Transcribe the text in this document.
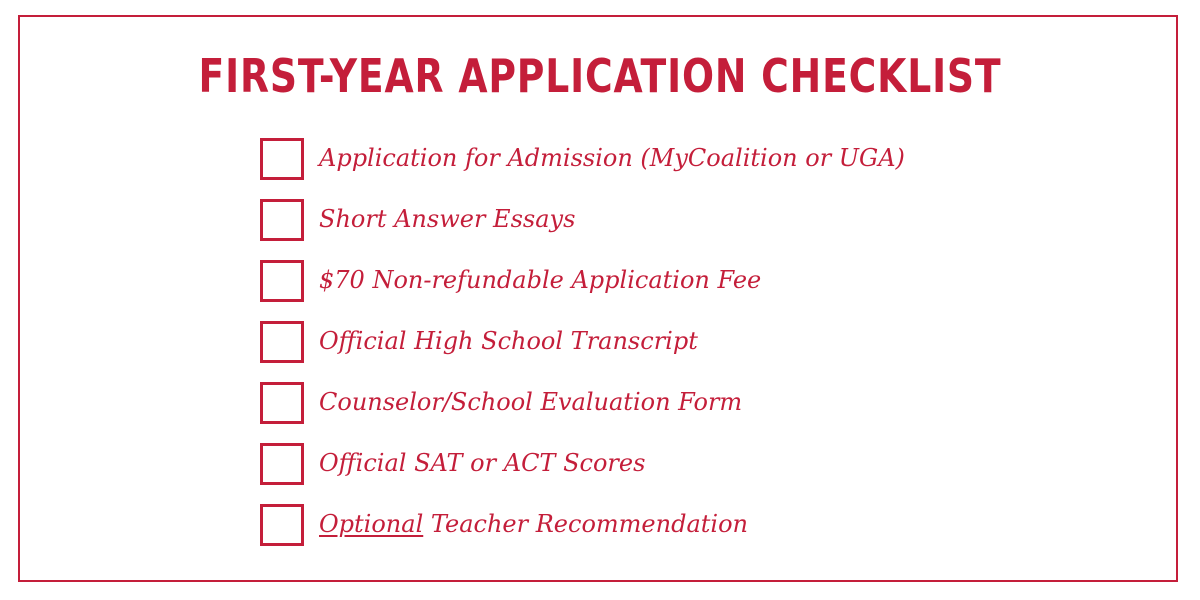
FIRST-YEAR APPLICATION CHECKLIST
Application for Admission (MyCoalition or UGA)
Short Answer Essays
$70 Non-refundable Application Fee
Official High School Transcript
Counselor/School Evaluation Form
Official SAT or ACT Scores
Optional Teacher Recommendation
